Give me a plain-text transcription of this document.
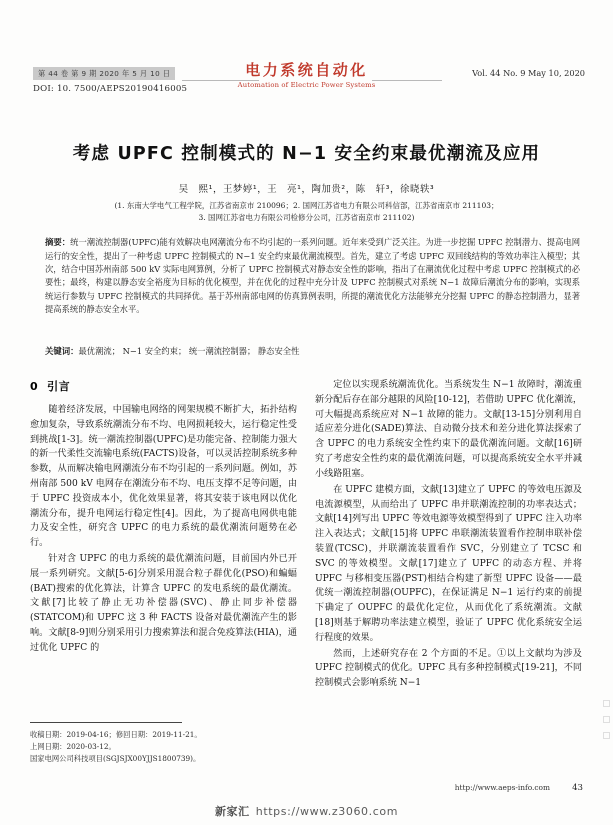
第 44 卷 第 9 期 2020 年 5 月 10 日
DOI: 10. 7500/AEPS20190416005
电力系统自动化
Automation of Electric Power Systems
Vol. 44 No. 9 May 10, 2020
考虑 UPFC 控制模式的 N−1 安全约束最优潮流及应用
吴　熙¹，王梦婷¹，王　亮¹，陶加贵²，陈　轩³，徐晓轶³
(1. 东南大学电气工程学院，江苏省南京市 210096；2. 国网江苏省电力有限公司科信部，江苏省南京市 211103；
3. 国网江苏省电力有限公司检修分公司，江苏省南京市 211102)
摘要：统一潮流控制器(UPFC)能有效解决电网潮流分布不均引起的一系列问题。近年来受到广泛关注。为进一步挖掘 UPFC 控制潜力、提高电网运行的安全性，提出了一种考虑 UPFC 控制模式的 N−1 安全约束最优潮流模型。首先，建立了考虑 UPFC 双回线结构的等效功率注入模型；其次，结合中国苏州南部 500 kV 实际电网算例，分析了 UPFC 控制模式对静态安全性的影响，指出了在潮流优化过程中考虑 UPFC 控制模式的必要性；最终，构建以静态安全裕度为目标的优化模型，并在优化的过程中充分计及 UPFC 控制模式对系统 N−1 故障后潮流分布的影响，实现系统运行参数与 UPFC 控制模式的共同择优。基于苏州南部电网的仿真算例表明，所提的潮流优化方法能够充分挖掘 UPFC 的静态控制潜力，显著提高系统的静态安全水平。
关键词：最优潮流； N−1 安全约束； 统一潮流控制器； 静态安全性
0 引言

随着经济发展，中国输电网络的网架规模不断扩大，拓扑结构愈加复杂，导致系统潮流分布不均、电网损耗较大，运行稳定性受到挑战[1-3]。统一潮流控制器(UPFC)是功能完备、控制能力强大的新一代柔性交流输电系统(FACTS)设备，可以灵活控制系统多种参数，从而解决输电网潮流分布不均引起的一系列问题。例如，苏州南部 500 kV 电网存在潮流分布不均、电压支撑不足等问题，由于 UPFC 投资成本小，优化效果显著，将其安装于该电网以优化潮流分布，提升电网运行稳定性[4]。因此，为了提高电网供电能力及安全性，研究含 UPFC 的电力系统的最优潮流问题势在必行。

针对含 UPFC 的电力系统的最优潮流问题，目前国内外已开展一系列研究。文献[5-6]分别采用混合粒子群优化(PSO)和蝙蝠(BAT)搜索的优化算法，计算含 UPFC 的发电系统的最优潮流。文献[7]比较了静止无功补偿器(SVC)、静止同步补偿器(STATCOM)和 UPFC 这 3 种 FACTS 设备对最优潮流产生的影响。文献[8-9]则分别采用引力搜索算法和混合免疫算法(HIA)，通过优化 UPFC 的

定位以实现系统潮流优化。当系统发生 N−1 故障时，潮流重新分配后存在部分越限的风险[10-12]，若借助 UPFC 优化潮流，可大幅提高系统应对 N−1 故障的能力。文献[13-15]分别利用自适应差分进化(SADE)算法、自动微分技术和差分进化算法探索了含 UPFC 的电力系统安全性约束下的最优潮流问题。文献[16]研究了考虑安全性约束的最优潮流问题，可以提高系统安全水平并减小线路阻塞。

在 UPFC 建模方面，文献[13]建立了 UPFC 的等效电压源及电流源模型，从而给出了 UPFC 串并联潮流控制的功率表达式；文献[14]列写出 UPFC 等效电源等效模型得到了 UPFC 注入功率注入表达式；文献[15]将 UPFC 串联潮流装置看作控制串联补偿装置(TCSC)，并联潮流装置看作 SVC，分别建立了 TCSC 和 SVC 的等效模型。文献[17]建立了 UPFC 的动态方程、并将 UPFC 与移相变压器(PST)相结合构建了新型 UPFC 设备——最优统一潮流控制器(OUPFC)，在保证满足 N−1 运行约束的前提下确定了 OUPFC 的最优化定位，从而优化了系统潮流。文献[18]则基于解聘功率法建立模型，验证了 UPFC 优化系统安全运行程度的效果。

然而，上述研究存在 2 个方面的不足。①以上文献均为涉及 UPFC 控制模式的优化。UPFC 具有多种控制模式[19-21]，不同控制模式会影响系统 N−1

收稿日期：2019-04-16；修回日期：2019-11-21。
上网日期：2020-03-12。
国家电网公司科技项目(SGJSJX00YJJS1800739)。
http://www.aeps-info.com	43
新家汇 https://www.z3060.com
